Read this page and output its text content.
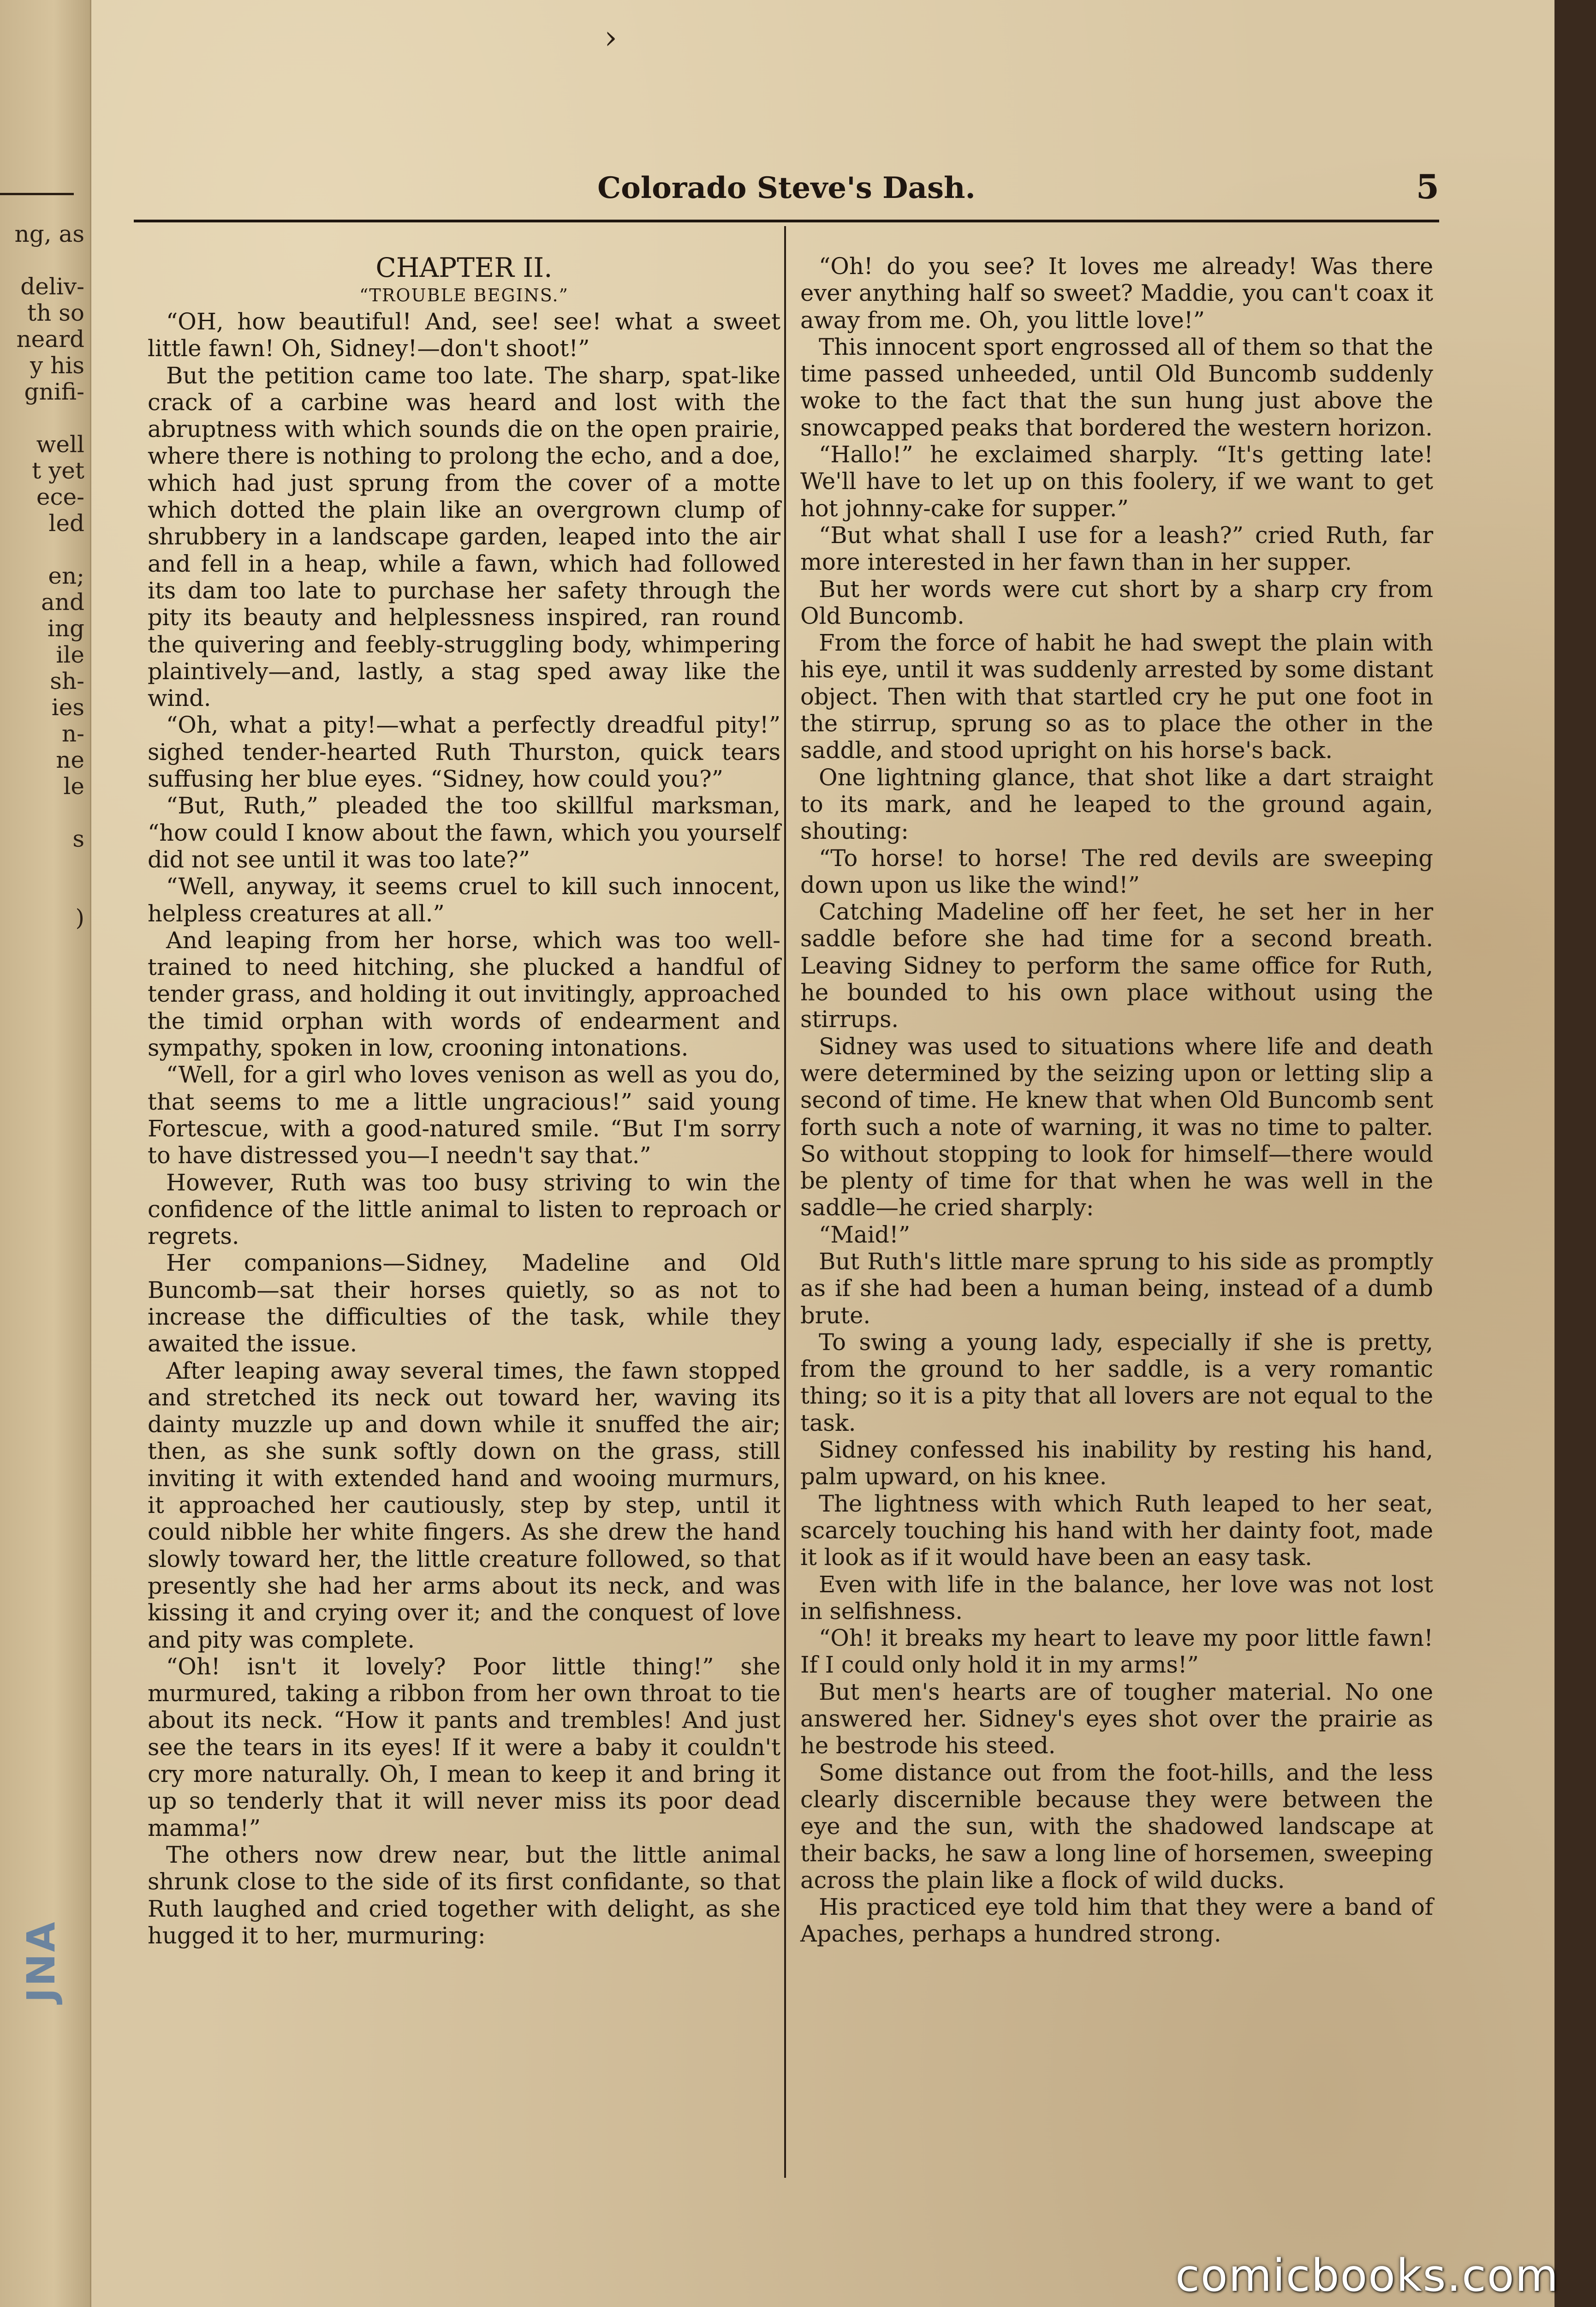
ng, as
deliv-
th so
neard
y his
gnifi-
well
t yet
ece-
led
en;
and
ing
ile
sh-
ies
n-
ne
le
s
)
JNA
›
Colorado Steve's Dash.	5

CHAPTER II.

“TROUBLE BEGINS.”

“OH, how beautiful! And, see! see! what a sweet little fawn! Oh, Sidney!—don't shoot!”

But the petition came too late. The sharp, spat-like crack of a carbine was heard and lost with the abruptness with which sounds die on the open prairie, where there is nothing to prolong the echo, and a doe, which had just sprung from the cover of a motte which dotted the plain like an overgrown clump of shrubbery in a landscape garden, leaped into the air and fell in a heap, while a fawn, which had followed its dam too late to purchase her safety through the pity its beauty and helplessness inspired, ran round the quivering and feebly-struggling body, whimpering plaintively—and, lastly, a stag sped away like the wind.

“Oh, what a pity!—what a perfectly dreadful pity!” sighed tender-hearted Ruth Thurston, quick tears suffusing her blue eyes. “Sidney, how could you?”

“But, Ruth,” pleaded the too skillful marksman, “how could I know about the fawn, which you yourself did not see until it was too late?”

“Well, anyway, it seems cruel to kill such innocent, helpless creatures at all.”

And leaping from her horse, which was too well-trained to need hitching, she plucked a handful of tender grass, and holding it out invitingly, approached the timid orphan with words of endearment and sympathy, spoken in low, crooning intonations.

“Well, for a girl who loves venison as well as you do, that seems to me a little ungracious!” said young Fortescue, with a good-natured smile. “But I'm sorry to have distressed you—I needn't say that.”

However, Ruth was too busy striving to win the confidence of the little animal to listen to reproach or regrets.

Her companions—Sidney, Madeline and Old Buncomb—sat their horses quietly, so as not to increase the difficulties of the task, while they awaited the issue.

After leaping away several times, the fawn stopped and stretched its neck out toward her, waving its dainty muzzle up and down while it snuffed the air; then, as she sunk softly down on the grass, still inviting it with extended hand and wooing murmurs, it approached her cautiously, step by step, until it could nibble her white fingers. As she drew the hand slowly toward her, the little creature followed, so that presently she had her arms about its neck, and was kissing it and crying over it; and the conquest of love and pity was complete.

“Oh! isn't it lovely? Poor little thing!” she murmured, taking a ribbon from her own throat to tie about its neck. “How it pants and trembles! And just see the tears in its eyes! If it were a baby it couldn't cry more naturally. Oh, I mean to keep it and bring it up so tenderly that it will never miss its poor dead mamma!”

The others now drew near, but the little animal shrunk close to the side of its first confidante, so that Ruth laughed and cried together with delight, as she hugged it to her, murmuring:

“Oh! do you see? It loves me already! Was there ever anything half so sweet? Maddie, you can't coax it away from me. Oh, you little love!”

This innocent sport engrossed all of them so that the time passed unheeded, until Old Buncomb suddenly woke to the fact that the sun hung just above the snowcapped peaks that bordered the western horizon.

“Hallo!” he exclaimed sharply. “It's getting late! We'll have to let up on this foolery, if we want to get hot johnny-cake for supper.”

“But what shall I use for a leash?” cried Ruth, far more interested in her fawn than in her supper.

But her words were cut short by a sharp cry from Old Buncomb.

From the force of habit he had swept the plain with his eye, until it was suddenly arrested by some distant object. Then with that startled cry he put one foot in the stirrup, sprung so as to place the other in the saddle, and stood upright on his horse's back.

One lightning glance, that shot like a dart straight to its mark, and he leaped to the ground again, shouting:

“To horse! to horse! The red devils are sweeping down upon us like the wind!”

Catching Madeline off her feet, he set her in her saddle before she had time for a second breath. Leaving Sidney to perform the same office for Ruth, he bounded to his own place without using the stirrups.

Sidney was used to situations where life and death were determined by the seizing upon or letting slip a second of time. He knew that when Old Buncomb sent forth such a note of warning, it was no time to palter. So without stopping to look for himself—there would be plenty of time for that when he was well in the saddle—he cried sharply:

“Maid!”

But Ruth's little mare sprung to his side as promptly as if she had been a human being, instead of a dumb brute.

To swing a young lady, especially if she is pretty, from the ground to her saddle, is a very romantic thing; so it is a pity that all lovers are not equal to the task.

Sidney confessed his inability by resting his hand, palm upward, on his knee.

The lightness with which Ruth leaped to her seat, scarcely touching his hand with her dainty foot, made it look as if it would have been an easy task.

Even with life in the balance, her love was not lost in selfishness.

“Oh! it breaks my heart to leave my poor little fawn! If I could only hold it in my arms!”

But men's hearts are of tougher material. No one answered her. Sidney's eyes shot over the prairie as he bestrode his steed.

Some distance out from the foot-hills, and the less clearly discernible because they were between the eye and the sun, with the shadowed landscape at their backs, he saw a long line of horsemen, sweeping across the plain like a flock of wild ducks.

His practiced eye told him that they were a band of Apaches, perhaps a hundred strong.

comicbooks.com
